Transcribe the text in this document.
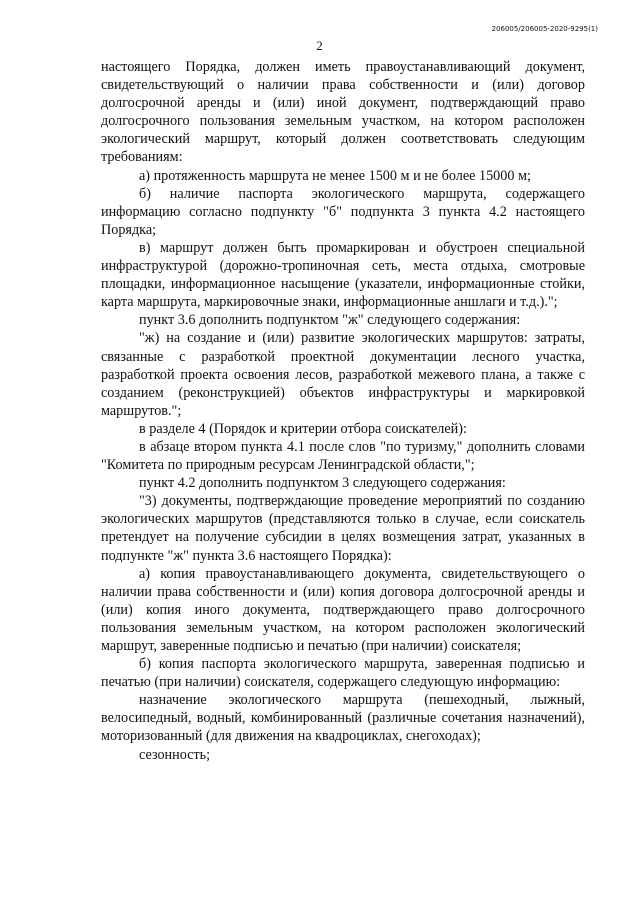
206005/206005-2020-9295(1)
2

настоящего Порядка, должен иметь правоустанавливающий документ, свидетельствующий о наличии права собственности и (или) договор долгосрочной аренды и (или) иной документ, подтверждающий право долгосрочного пользования земельным участком, на котором расположен экологический маршрут, который должен соответствовать следующим требованиям:

а) протяженность маршрута не менее 1500 м и не более 15000 м;

б) наличие паспорта экологического маршрута, содержащего информацию согласно подпункту "б" подпункта 3 пункта 4.2 настоящего Порядка;

в) маршрут должен быть промаркирован и обустроен специальной инфраструктурой (дорожно-тропиночная сеть, места отдыха, смотровые площадки, информационное насыщение (указатели, информационные стойки, карта маршрута, маркировочные знаки, информационные аншлаги и т.д.).";

пункт 3.6 дополнить подпунктом "ж" следующего содержания:

"ж) на создание и (или) развитие экологических маршрутов: затраты, связанные с разработкой проектной документации лесного участка, разработкой проекта освоения лесов, разработкой межевого плана, а также с созданием (реконструкцией) объектов инфраструктуры и маркировкой маршрутов.";

в разделе 4 (Порядок и критерии отбора соискателей):

в абзаце втором пункта 4.1 после слов "по туризму," дополнить словами "Комитета по природным ресурсам Ленинградской области,";

пункт 4.2 дополнить подпунктом 3 следующего содержания:

"3) документы, подтверждающие проведение мероприятий по созданию экологических маршрутов (представляются только в случае, если соискатель претендует на получение субсидии в целях возмещения затрат, указанных в подпункте "ж" пункта 3.6 настоящего Порядка):

а) копия правоустанавливающего документа, свидетельствующего о наличии права собственности и (или) копия договора долгосрочной аренды и (или) копия иного документа, подтверждающего право долгосрочного пользования земельным участком, на котором расположен экологический маршрут, заверенные подписью и печатью (при наличии) соискателя;

б) копия паспорта экологического маршрута, заверенная подписью и печатью (при наличии) соискателя, содержащего следующую информацию:

назначение экологического маршрута (пешеходный, лыжный, велосипедный, водный, комбинированный (различные сочетания назначений), моторизованный (для движения на квадроциклах, снегоходах);

сезонность;
